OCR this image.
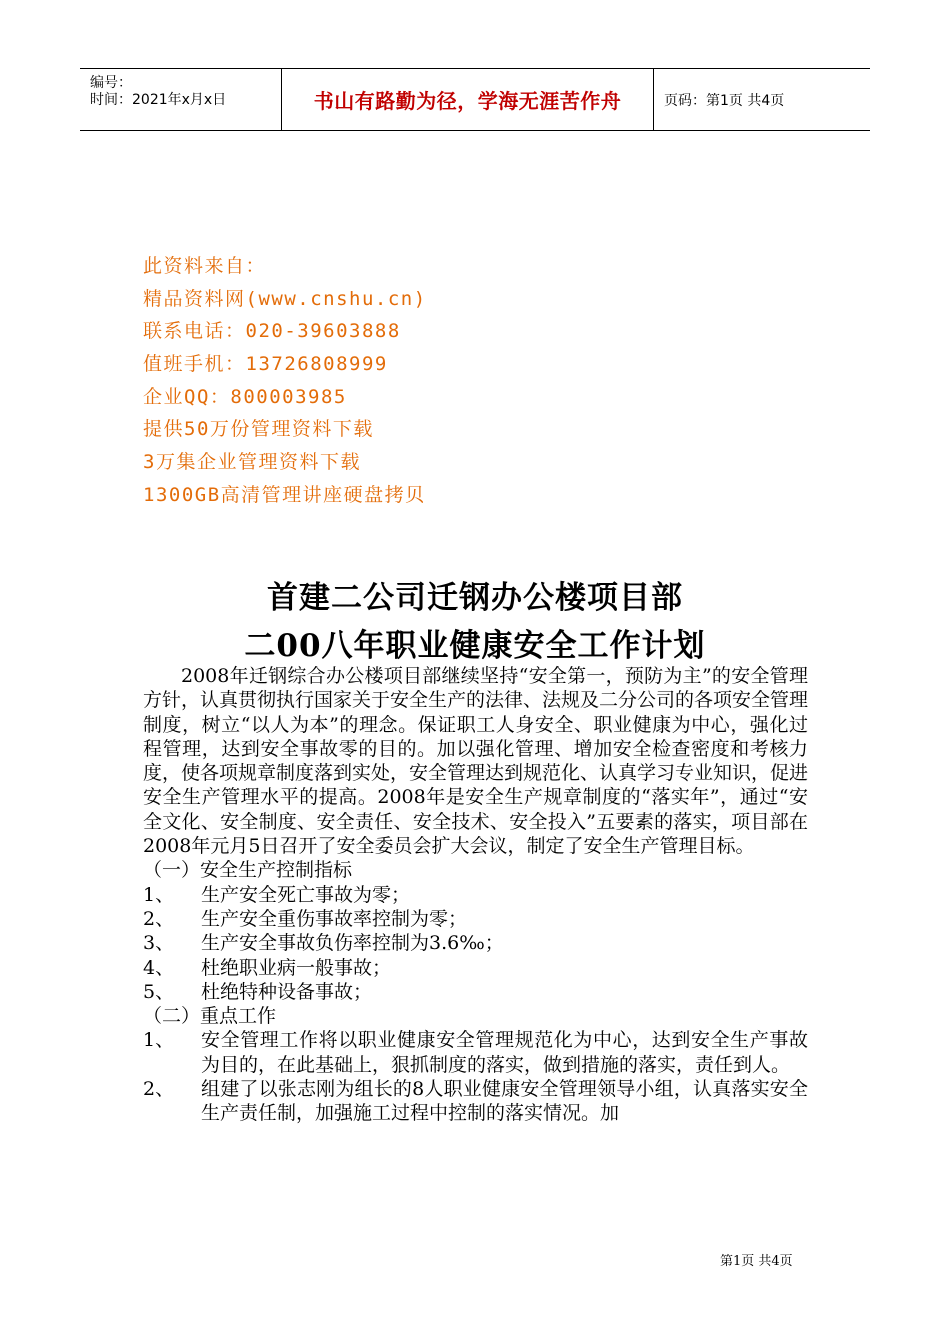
编号：
时间：2021年x月x日	书山有路勤为径，学海无涯苦作舟	页码：第1页 共4页
此资料来自：
精品资料网(www.cnshu.cn)
联系电话：020-39603888
值班手机：13726808999
企业QQ：800003985
提供50万份管理资料下载
3万集企业管理资料下载
1300GB高清管理讲座硬盘拷贝
首建二公司迁钢办公楼项目部
二00八年职业健康安全工作计划

2008年迁钢综合办公楼项目部继续坚持“安全第一，预防为主”的安全管理方针，认真贯彻执行国家关于安全生产的法律、法规及二分公司的各项安全管理制度，树立“以人为本”的理念。保证职工人身安全、职业健康为中心，强化过程管理，达到安全事故零的目的。加以强化管理、增加安全检查密度和考核力度，使各项规章制度落到实处，安全管理达到规范化、认真学习专业知识，促进安全生产管理水平的提高。2008年是安全生产规章制度的“落实年”，通过“安全文化、安全制度、安全责任、安全技术、安全投入”五要素的落实，项目部在2008年元月5日召开了安全委员会扩大会议，制定了安全生产管理目标。

（一）安全生产控制指标

1、	生产安全死亡事故为零；
2、	生产安全重伤事故率控制为零；
3、	生产安全事故负伤率控制为3.6‰；
4、	杜绝职业病一般事故；
5、	杜绝特种设备事故；

（二）重点工作

1、	安全管理工作将以职业健康安全管理规范化为中心，达到安全生产事故为目的，在此基础上，狠抓制度的落实，做到措施的落实，责任到人。
2、	组建了以张志刚为组长的8人职业健康安全管理领导小组，认真落实安全生产责任制，加强施工过程中控制的落实情况。加
第1页 共4页
